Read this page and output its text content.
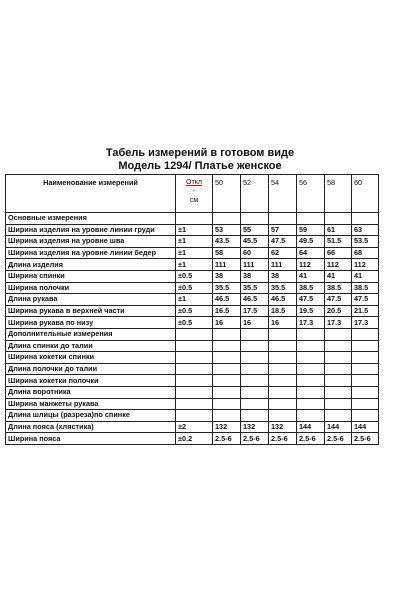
Табель измерений в готовом виде
Модель 1294/ Платье женское
Наименование измерений	Откл
-
см	50	52	54	56	58	60
Основные измерения							
Ширина изделия на уровне линии груди	±1	53	55	57	59	61	63
Ширина изделия на уровне шва	±1	43.5	45.5	47.5	49.5	51.5	53.5
Ширина изделия на уровне линии бедер	±1	58	60	62	64	66	68
Длина изделия	±1	111	111	111	112	112	112
Ширина спинки	±0.5	38	38	38	41	41	41
Ширина полочки	±0.5	35.5	35.5	35.5	38.5	38.5	38.5
Длина рукава	±1	46.5	46.5	46.5	47.5	47.5	47.5
Ширина рукава в верхней части	±0.5	16.5	17.5	18.5	19.5	20.5	21.5
Ширина рукава по низу	±0.5	16	16	16	17.3	17.3	17.3
Дополнительные измерения							
Длина спинки до талии							
Ширина кокетки спинки							
Длина полочки до талии							
Ширина кокетки полочки							
Длина воротника							
Ширина манжеты рукава							
Длина шлицы (разреза)по спинке							
Длина пояса (хлястика)	±2	132	132	132	144	144	144
Ширина пояса	±0.2	2.5-6	2.5-6	2.5-6	2.5-6	2.5-6	2.5-6
